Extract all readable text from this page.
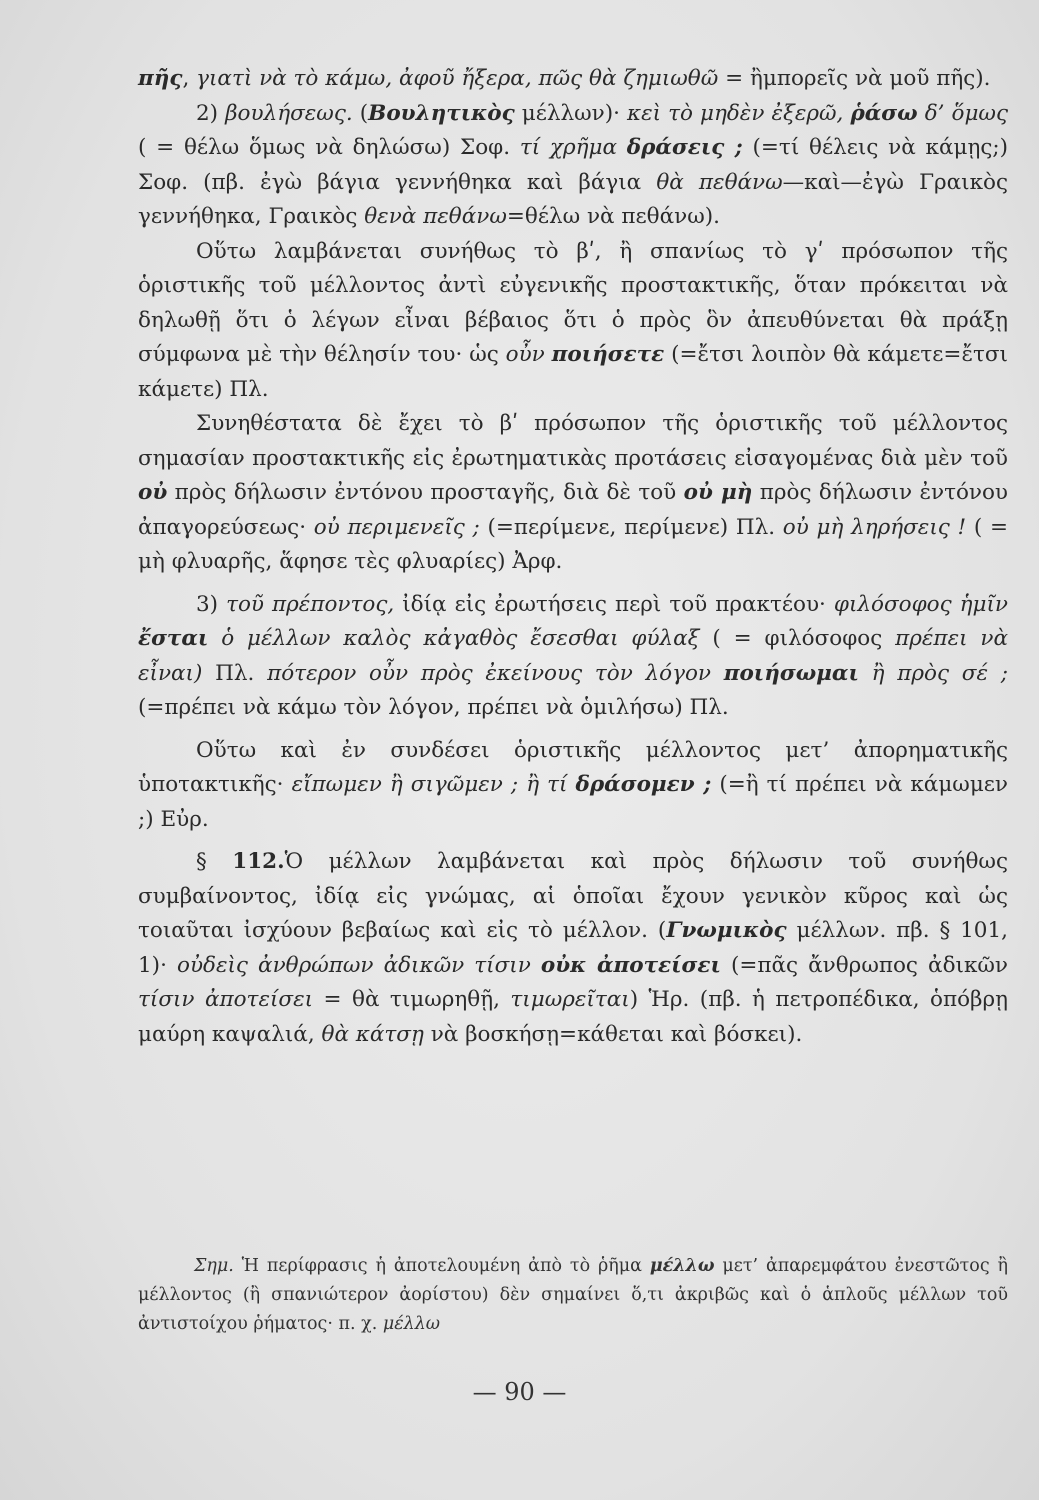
πῆς, γιατὶ νὰ τὸ κάμω, ἀφοῦ ἤξερα, πῶς θὰ ζημιωθῶ = ἢμπορεῖς νὰ μοῦ πῆς).

2) βουλήσεως. (Βουλητικὸς μέλλων)· κεὶ τὸ μηδὲν ἐξερῶ, ῥάσω δ’ ὅμως ( = θέλω ὅμως νὰ δηλώσω) Σοφ. τί χρῆμα δράσεις ; (=τί θέλεις νὰ κάμῃς;) Σοφ. (πβ. ἐγὼ βάγια γεννήθηκα καὶ βάγια θὰ πεθάνω—καὶ—ἐγὼ Γραικὸς γεννήθηκα, Γραικὸς θενὰ πεθάνω=θέλω νὰ πεθάνω).

Οὕτω λαμβάνεται συνήθως τὸ βʹ, ἢ σπανίως τὸ γʹ πρόσωπον τῆς ὁριστικῆς τοῦ μέλλοντος ἀντὶ εὐγενικῆς προστακτικῆς, ὅταν πρόκειται νὰ δηλωθῇ ὅτι ὁ λέγων εἶναι βέβαιος ὅτι ὁ πρὸς ὃν ἀπευθύνεται θὰ πράξῃ σύμφωνα μὲ τὴν θέλησίν του· ὡς οὖν ποιήσετε (=ἔτσι λοιπὸν θὰ κάμετε=ἔτσι κάμετε) Πλ.

Συνηθέστατα δὲ ἔχει τὸ βʹ πρόσωπον τῆς ὁριστικῆς τοῦ μέλλοντος σημασίαν προστακτικῆς εἰς ἐρωτηματικὰς προτάσεις εἰσαγομένας διὰ μὲν τοῦ οὐ πρὸς δήλωσιν ἐντόνου προσταγῆς, διὰ δὲ τοῦ οὐ μὴ πρὸς δήλωσιν ἐντόνου ἀπαγορεύσεως· οὐ περιμενεῖς ; (=περίμενε, περίμενε) Πλ. οὐ μὴ ληρήσεις ! ( = μὴ φλυαρῆς, ἅφησε τὲς φλυαρίες) Ἀρφ.

3) τοῦ πρέποντος, ἰδίᾳ εἰς ἐρωτήσεις περὶ τοῦ πρακτέου· φιλόσοφος ἡμῖν ἔσται ὁ μέλλων καλὸς κἀγαθὸς ἔσεσθαι φύλαξ ( = φιλόσοφος πρέπει νὰ εἶναι) Πλ. πότερον οὖν πρὸς ἐκείνους τὸν λόγον ποιήσωμαι ἢ πρὸς σέ ; (=πρέπει νὰ κάμω τὸν λόγον, πρέπει νὰ ὁμιλήσω) Πλ.

Οὕτω καὶ ἐν συνδέσει ὁριστικῆς μέλλοντος μετ’ ἀπορηματικῆς ὑποτακτικῆς· εἴπωμεν ἢ σιγῶμεν ; ἢ τί δράσομεν ; (=ἢ τί πρέπει νὰ κάμωμεν ;) Εὐρ.

§ 112.Ὁ μέλλων λαμβάνεται καὶ πρὸς δήλωσιν τοῦ συνήθως συμβαίνοντος, ἰδίᾳ εἰς γνώμας, αἱ ὁποῖαι ἔχουν γενικὸν κῦρος καὶ ὡς τοιαῦται ἰσχύουν βεβαίως καὶ εἰς τὸ μέλλον. (Γνωμικὸς μέλλων. πβ. § 101, 1)· οὐδεὶς ἀνθρώπων ἀδικῶν τίσιν οὐκ ἀποτείσει (=πᾶς ἄνθρωπος ἀδικῶν τίσιν ἀποτείσει = θὰ τιμωρηθῇ, τιμωρεῖται) Ἡρ. (πβ. ἡ πετροπέδικα, ὁπόβρῃ μαύρη καψαλιά, θὰ κάτσῃ νὰ βοσκήσῃ=κάθεται καὶ βόσκει).

Σημ. Ἡ περίφρασις ἡ ἀποτελουμένη ἀπὸ τὸ ῥῆμα μέλλω μετ’ ἀπαρεμφάτου ἐνεστῶτος ἢ μέλλοντος (ἢ σπανιώτερον ἀορίστου) δὲν σημαίνει ὅ,τι ἀκριβῶς καὶ ὁ ἁπλοῦς μέλλων τοῦ ἀντιστοίχου ῥήματος· π. χ. μέλλω

— 90 —
